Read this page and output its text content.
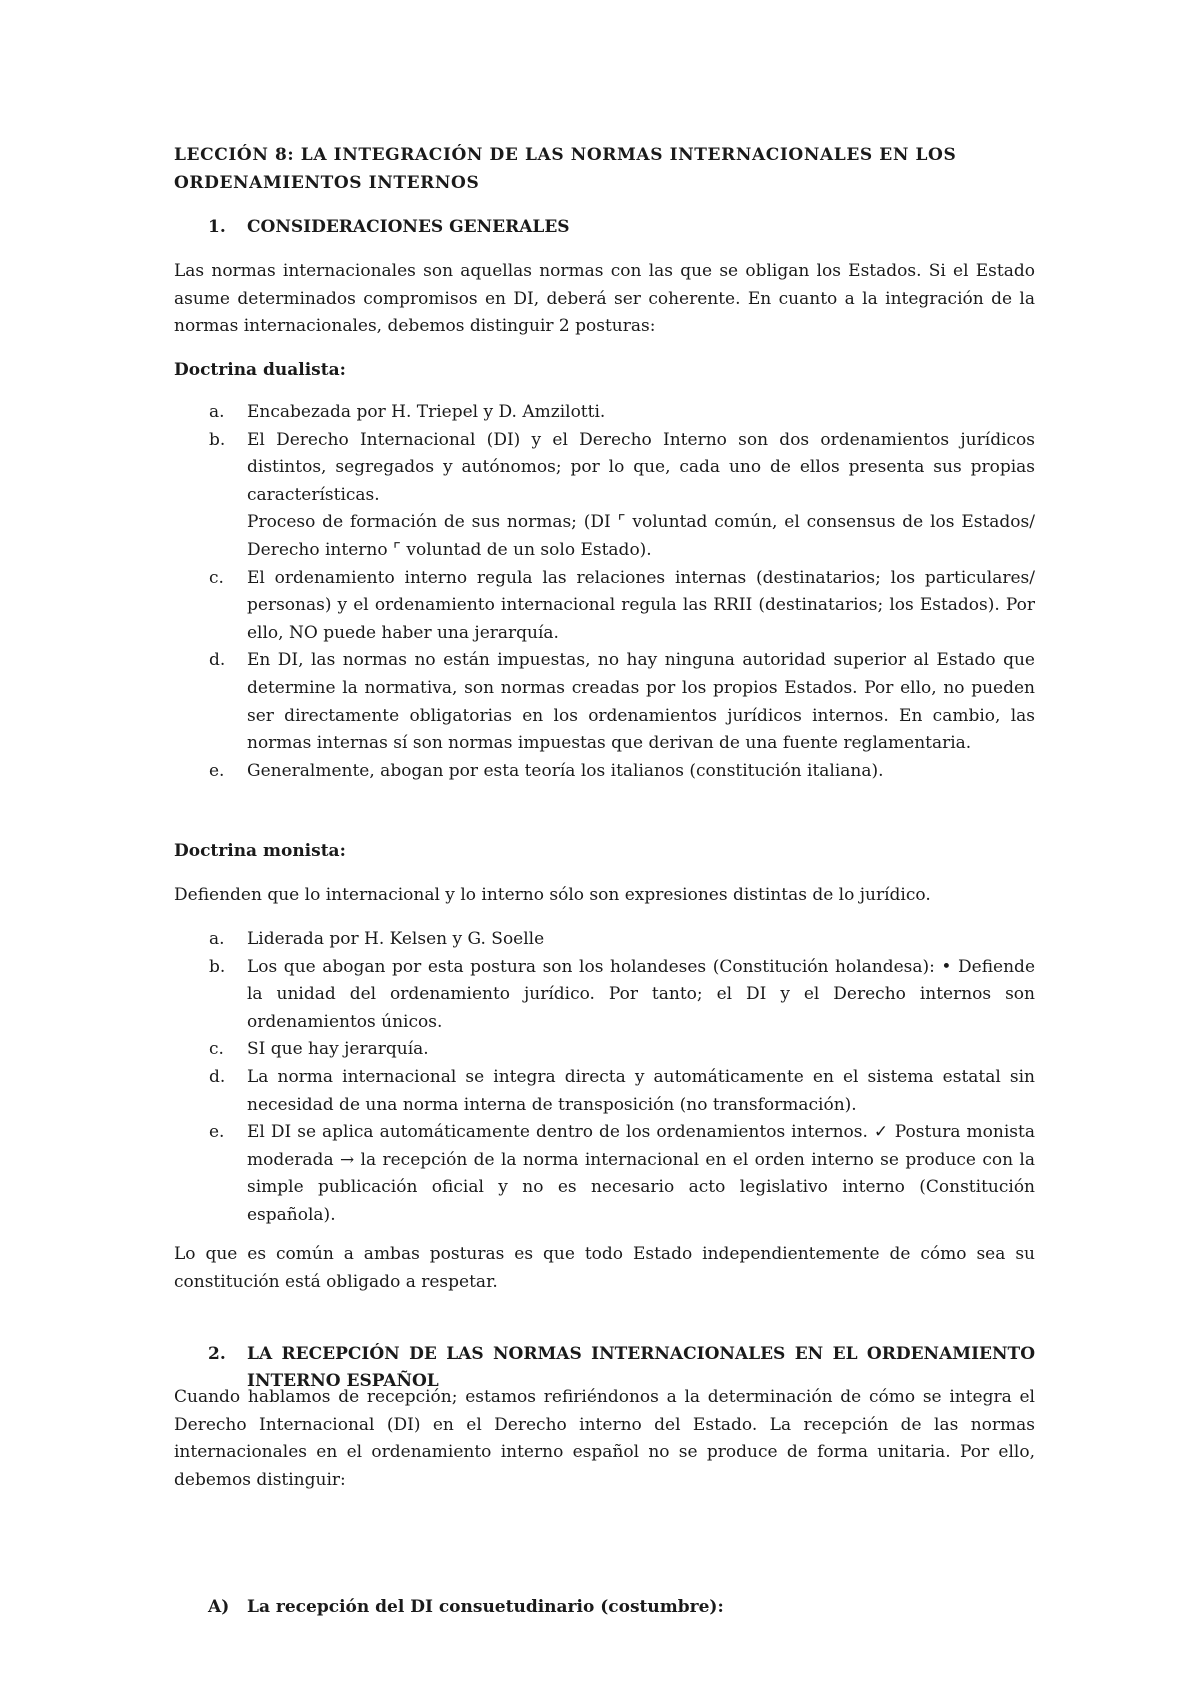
LECCIÓN 8: LA INTEGRACIÓN DE LAS NORMAS INTERNACIONALES EN LOS
ORDENAMIENTOS INTERNOS

1. CONSIDERACIONES GENERALES

Las normas internacionales son aquellas normas con las que se obligan los Estados. Si el Estado asume determinados compromisos en DI, deberá ser coherente. En cuanto a la integración de la normas internacionales, debemos distinguir 2 posturas:

Doctrina dualista:

a. Encabezada por H. Triepel y D. Amzilotti.
b. El Derecho Internacional (DI) y el Derecho Interno son dos ordenamientos jurídicos distintos, segregados y autónomos; por lo que, cada uno de ellos presenta sus propias características.
Proceso de formación de sus normas; (DI ⌜ voluntad común, el consensus de los Estados/ Derecho interno ⌜ voluntad de un solo Estado).
c. El ordenamiento interno regula las relaciones internas (destinatarios; los particulares/ personas) y el ordenamiento internacional regula las RRII (destinatarios; los Estados). Por ello, NO puede haber una jerarquía.
d. En DI, las normas no están impuestas, no hay ninguna autoridad superior al Estado que determine la normativa, son normas creadas por los propios Estados. Por ello, no pueden ser directamente obligatorias en los ordenamientos jurídicos internos. En cambio, las normas internas sí son normas impuestas que derivan de una fuente reglamentaria.
e. Generalmente, abogan por esta teoría los italianos (constitución italiana).

Doctrina monista:

Defienden que lo internacional y lo interno sólo son expresiones distintas de lo jurídico.

a. Liderada por H. Kelsen y G. Soelle
b. Los que abogan por esta postura son los holandeses (Constitución holandesa): • Defiende la unidad del ordenamiento jurídico. Por tanto; el DI y el Derecho internos son ordenamientos únicos.
c. SI que hay jerarquía.
d. La norma internacional se integra directa y automáticamente en el sistema estatal sin necesidad de una norma interna de transposición (no transformación).
e. El DI se aplica automáticamente dentro de los ordenamientos internos. ✓ Postura monista moderada → la recepción de la norma internacional en el orden interno se produce con la simple publicación oficial y no es necesario acto legislativo interno (Constitución española).

Lo que es común a ambas posturas es que todo Estado independientemente de cómo sea su constitución está obligado a respetar.

2. LA RECEPCIÓN DE LAS NORMAS INTERNACIONALES EN EL ORDENAMIENTO INTERNO ESPAÑOL

Cuando hablamos de recepción; estamos refiriéndonos a la determinación de cómo se integra el Derecho Internacional (DI) en el Derecho interno del Estado. La recepción de las normas internacionales en el ordenamiento interno español no se produce de forma unitaria. Por ello, debemos distinguir:

A) La recepción del DI consuetudinario (costumbre):
